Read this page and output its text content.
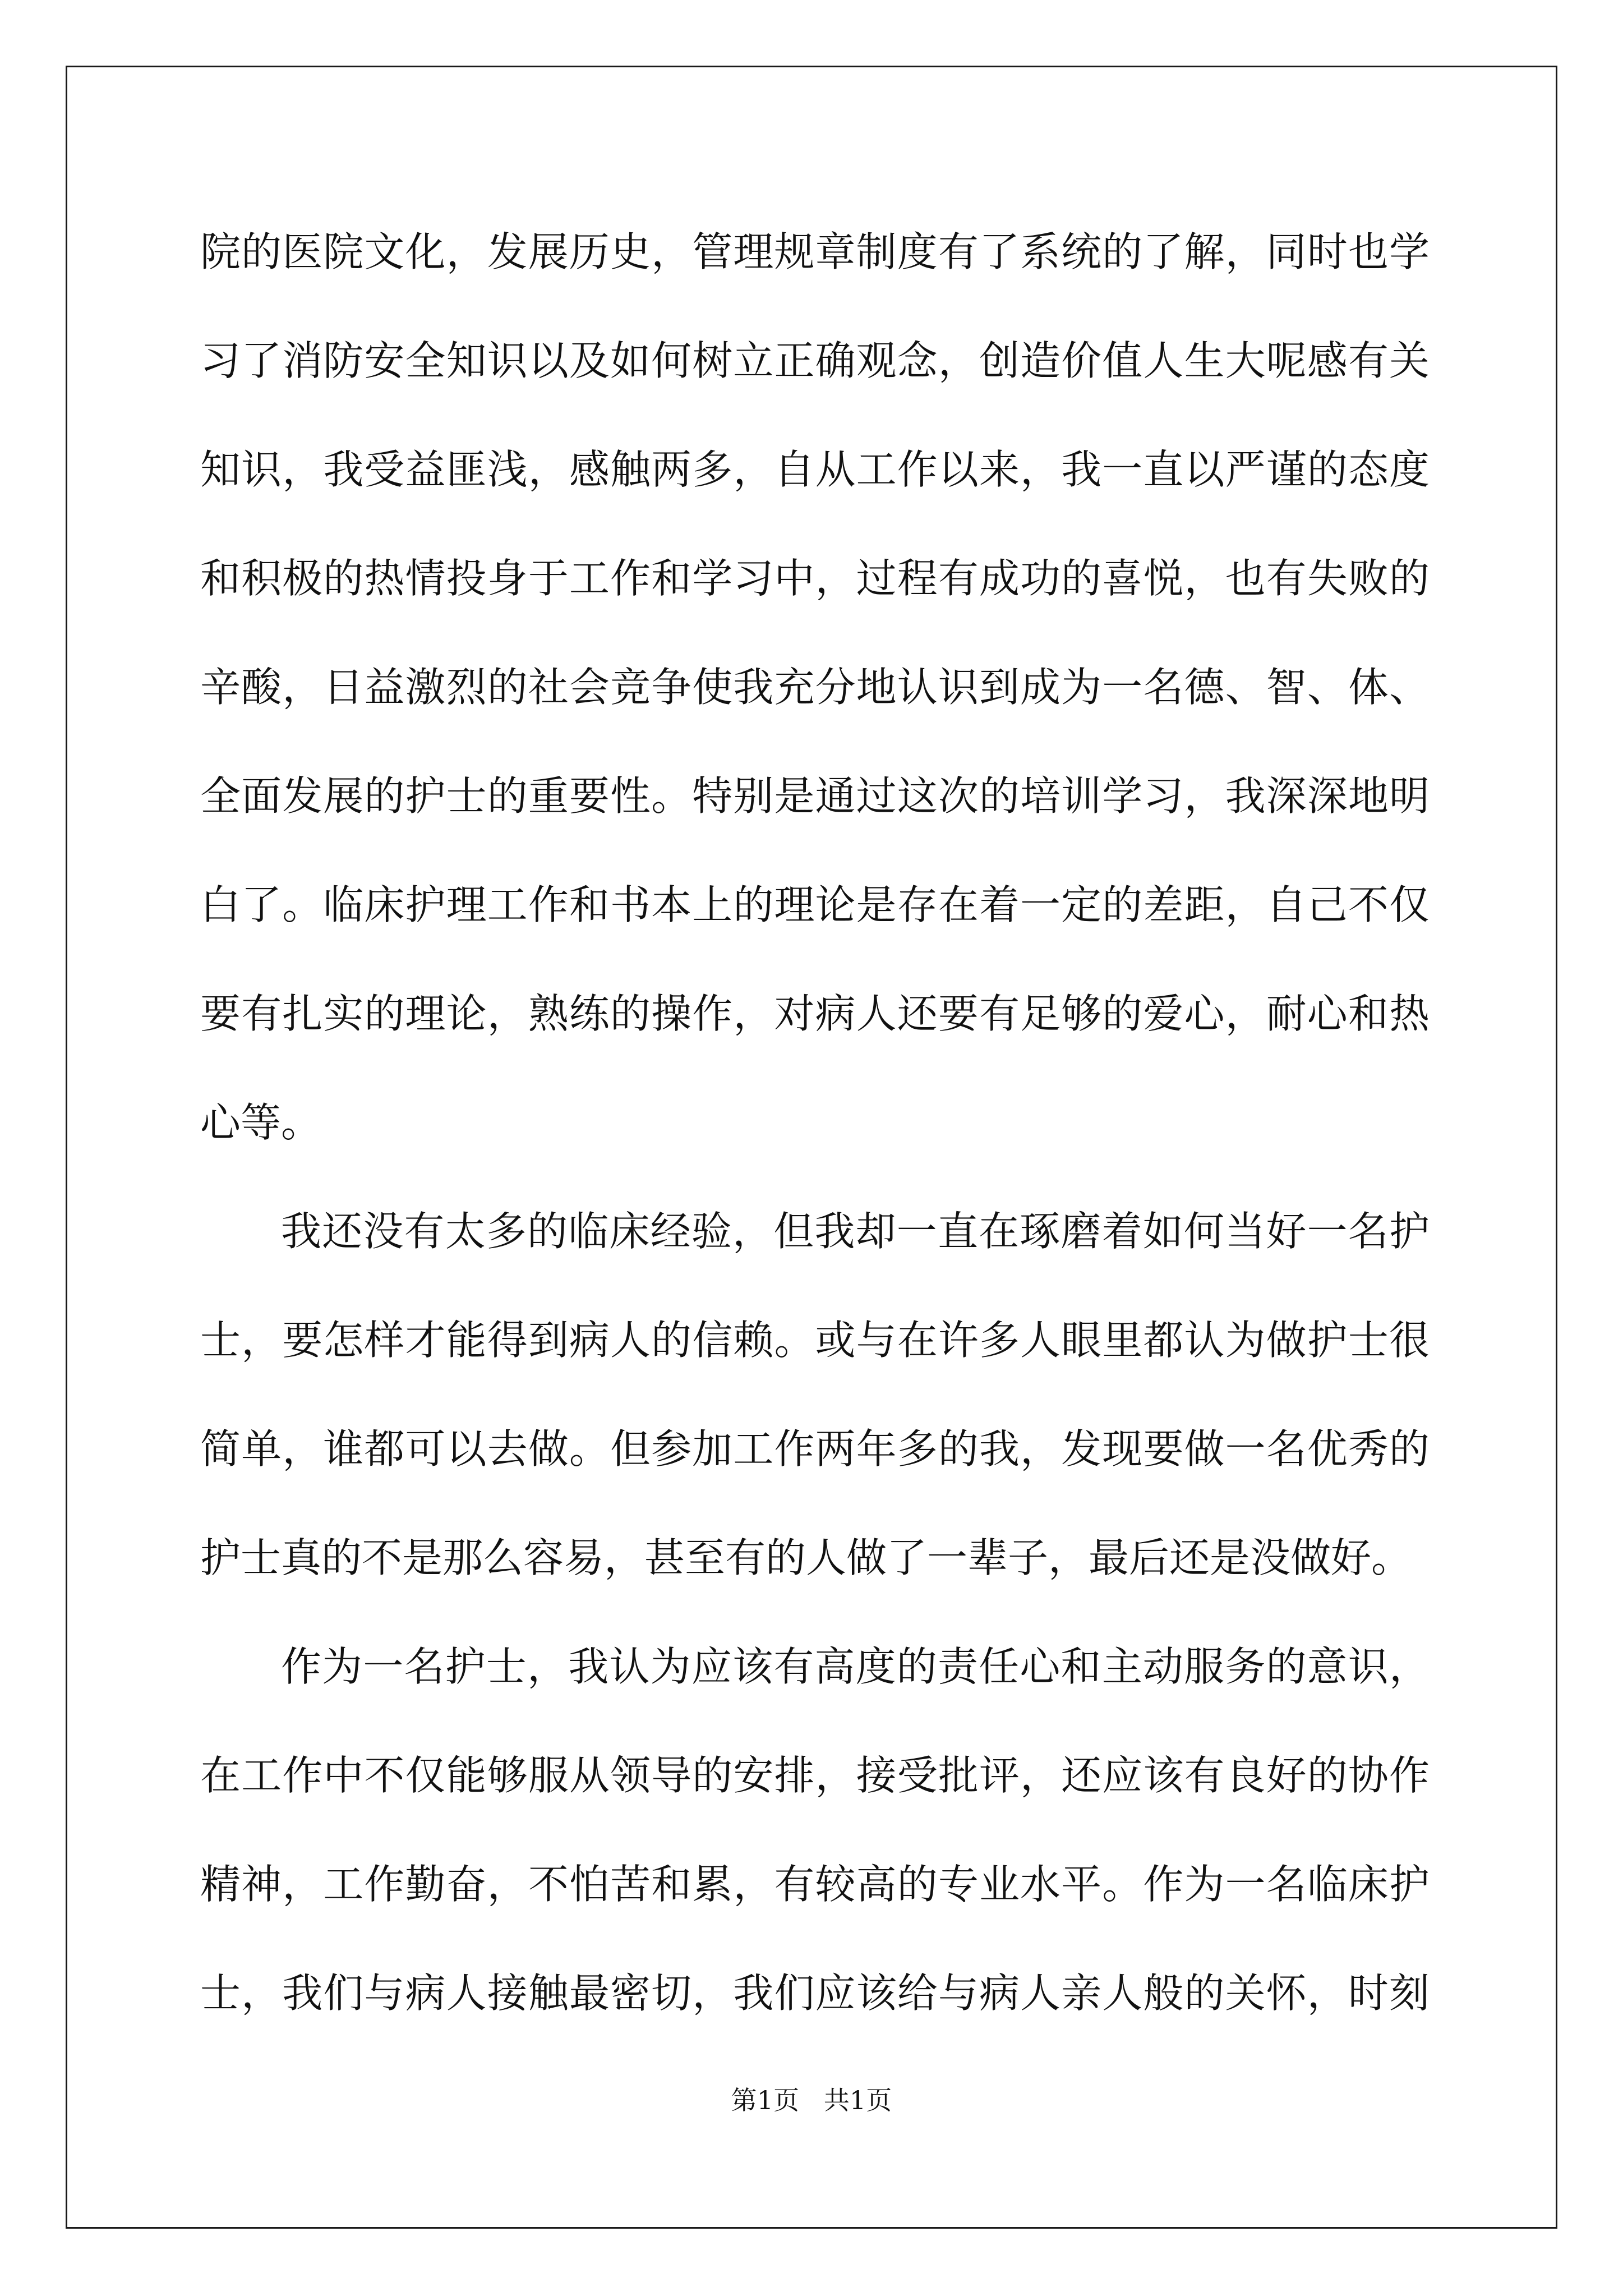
院的医院文化，发展历史，管理规章制度有了系统的了解，同时也学
习了消防安全知识以及如何树立正确观念，创造价值人生大呢感有关
知识，我受益匪浅，感触两多，自从工作以来，我一直以严谨的态度
和积极的热情投身于工作和学习中，过程有成功的喜悦，也有失败的
辛酸，日益激烈的社会竞争使我充分地认识到成为一名德、智、体、
全面发展的护士的重要性。特别是通过这次的培训学习，我深深地明
白了。临床护理工作和书本上的理论是存在着一定的差距，自己不仅
要有扎实的理论，熟练的操作，对病人还要有足够的爱心，耐心和热
心等。
我还没有太多的临床经验，但我却一直在琢磨着如何当好一名护
士，要怎样才能得到病人的信赖。或与在许多人眼里都认为做护士很
简单，谁都可以去做。但参加工作两年多的我，发现要做一名优秀的
护士真的不是那么容易，甚至有的人做了一辈子，最后还是没做好。
作为一名护士，我认为应该有高度的责任心和主动服务的意识，
在工作中不仅能够服从领导的安排，接受批评，还应该有良好的协作
精神，工作勤奋，不怕苦和累，有较高的专业水平。作为一名临床护
士，我们与病人接触最密切，我们应该给与病人亲人般的关怀，时刻
第1页   共1页
